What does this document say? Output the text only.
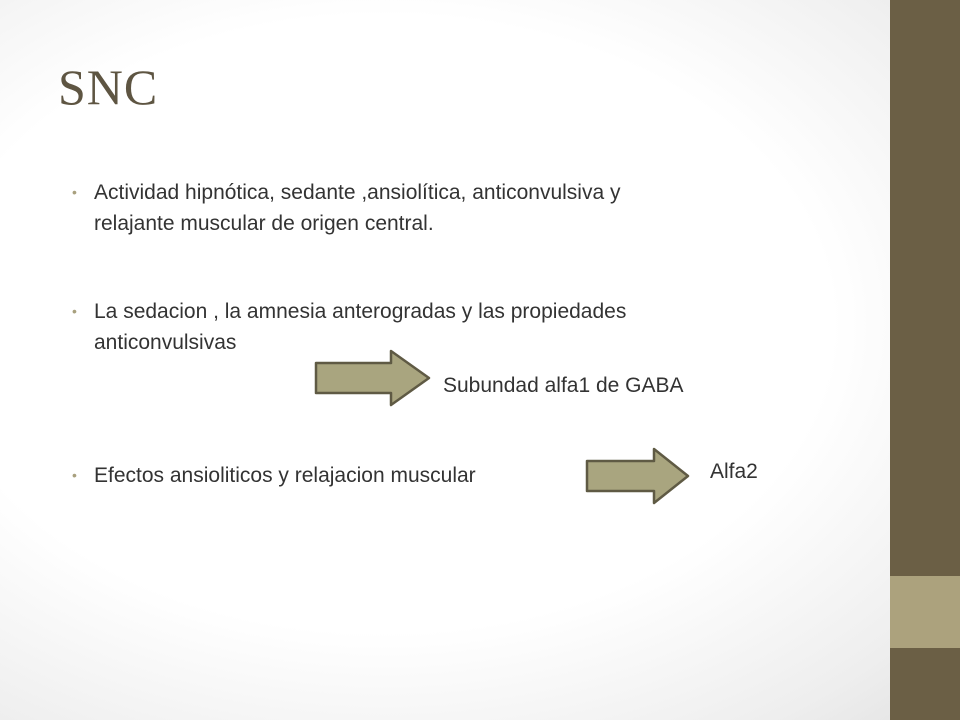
SNC
• Actividad hipnótica, sedante ,ansiolítica, anticonvulsiva y
relajante muscular de origen central.
• La sedacion , la amnesia anterogradas y las propiedades
anticonvulsivas
Subundad alfa1 de GABA
• Efectos ansioliticos y relajacion muscular	Alfa2
